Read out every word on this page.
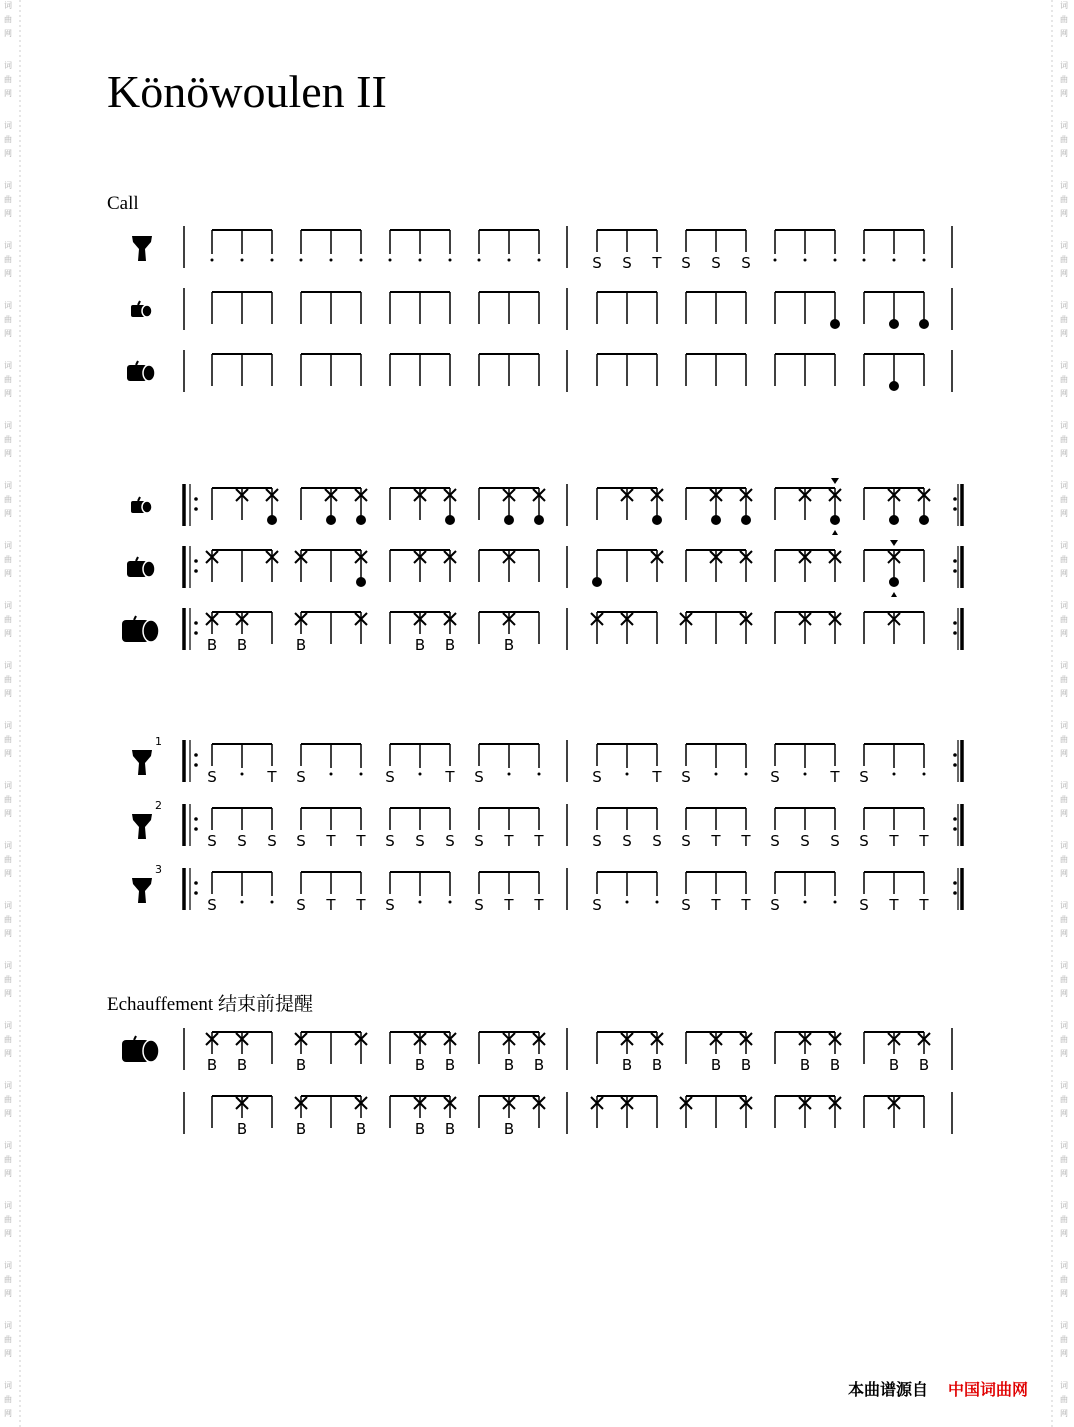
词
曲
网
词
曲
网
词
曲
网
词
曲
网
词
曲
网
词
曲
网
词
曲
网
词
曲
网
词
曲
网
词
曲
网
词
曲
网
词
曲
网
词
曲
网
词
曲
网
词
曲
网
词
曲
网
词
曲
网
词
曲
网
词
曲
网
词
曲
网
词
曲
网
词
曲
网
词
曲
网
词
曲
网
词
曲
网
词
曲
网
词
曲
网
词
曲
网
词
曲
网
词
曲
网
词
曲
网
词
曲
网
词
曲
网
词
曲
网
词
曲
网
词
曲
网
词
曲
网
词
曲
网
词
曲
网
词
曲
网
词
曲
网
词
曲
网
词
曲
网
词
曲
网
词
曲
网
词
曲
网
词
曲
网
词
曲
网
Könöwoulen II
Call
Echauffement 结束前提醒
S S T S S S
B B	B	B B	B
1
S	T S	S	T S	S	T S	S	T S
2
S S S S T T S S S S T T	S S S S T T S S S S T T
3
S	S T T S	S T T	S	S T T S	S T T
B B	B	B B	B B	B B	B B	B B	B B
B	B	B	B B	B
本曲谱源自 中国词曲网
